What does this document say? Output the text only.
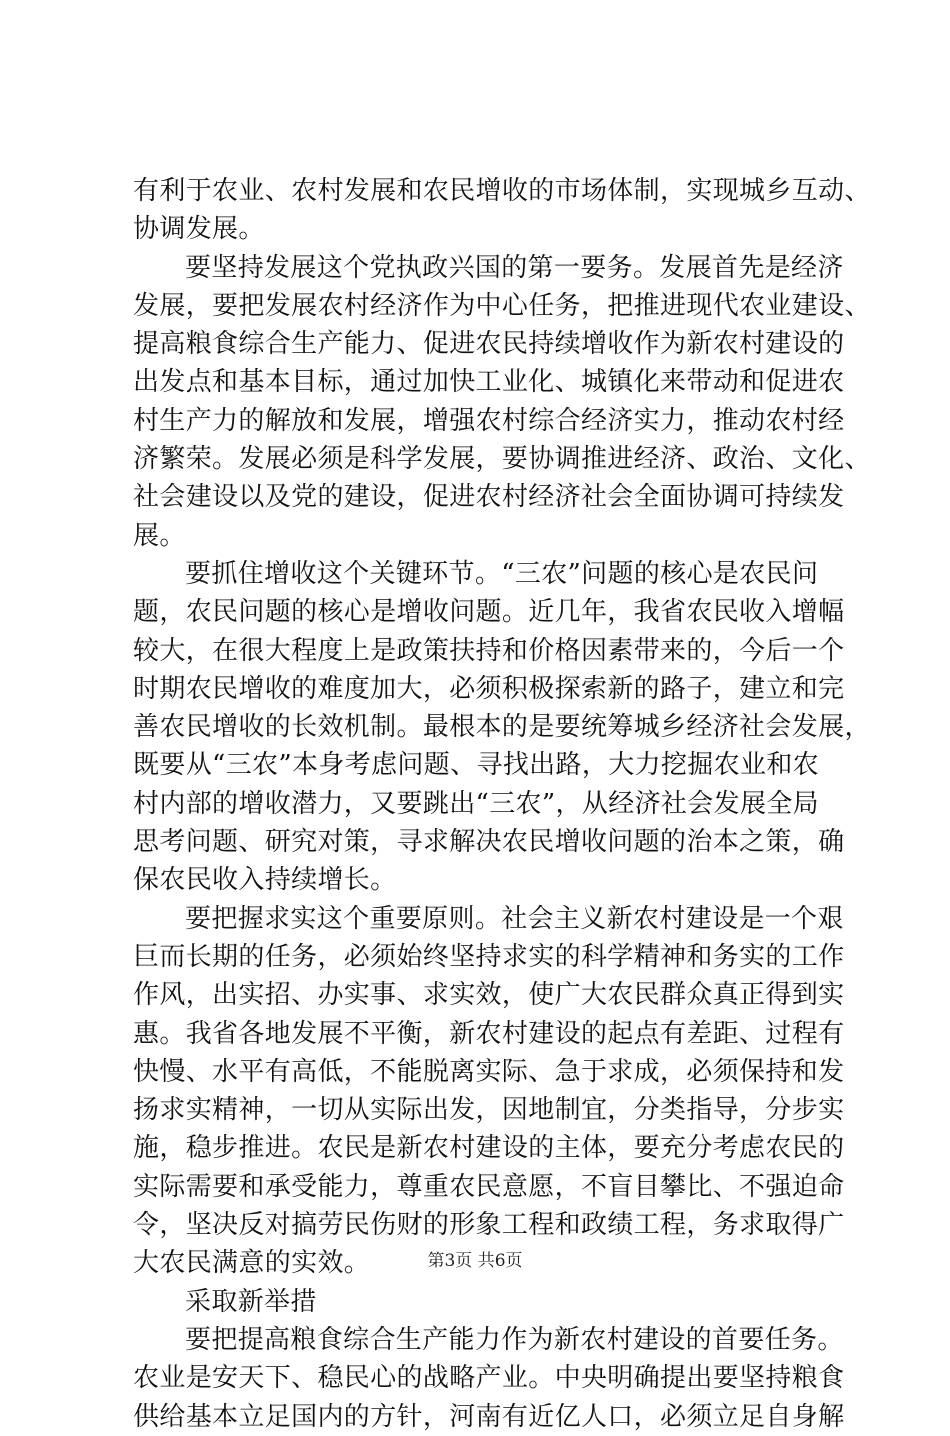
有利于农业、农村发展和农民增收的市场体制，实现城乡互动、
协调发展。
要坚持发展这个党执政兴国的第一要务。发展首先是经济
发展，要把发展农村经济作为中心任务，把推进现代农业建设、
提高粮食综合生产能力、促进农民持续增收作为新农村建设的
出发点和基本目标，通过加快工业化、城镇化来带动和促进农
村生产力的解放和发展，增强农村综合经济实力，推动农村经
济繁荣。发展必须是科学发展，要协调推进经济、政治、文化、
社会建设以及党的建设，促进农村经济社会全面协调可持续发
展。
要抓住增收这个关键环节。“三农”问题的核心是农民问
题，农民问题的核心是增收问题。近几年，我省农民收入增幅
较大，在很大程度上是政策扶持和价格因素带来的，今后一个
时期农民增收的难度加大，必须积极探索新的路子，建立和完
善农民增收的长效机制。最根本的是要统筹城乡经济社会发展，
既要从“三农”本身考虑问题、寻找出路，大力挖掘农业和农
村内部的增收潜力，又要跳出“三农”，从经济社会发展全局
思考问题、研究对策，寻求解决农民增收问题的治本之策，确
保农民收入持续增长。
要把握求实这个重要原则。社会主义新农村建设是一个艰
巨而长期的任务，必须始终坚持求实的科学精神和务实的工作
作风，出实招、办实事、求实效，使广大农民群众真正得到实
惠。我省各地发展不平衡，新农村建设的起点有差距、过程有
快慢、水平有高低，不能脱离实际、急于求成，必须保持和发
扬求实精神，一切从实际出发，因地制宜，分类指导，分步实
施，稳步推进。农民是新农村建设的主体，要充分考虑农民的
实际需要和承受能力，尊重农民意愿，不盲目攀比、不强迫命
令，坚决反对搞劳民伤财的形象工程和政绩工程，务求取得广
大农民满意的实效。
采取新举措
要把提高粮食综合生产能力作为新农村建设的首要任务。
农业是安天下、稳民心的战略产业。中央明确提出要坚持粮食
供给基本立足国内的方针，河南有近亿人口，必须立足自身解
第3页 共6页
